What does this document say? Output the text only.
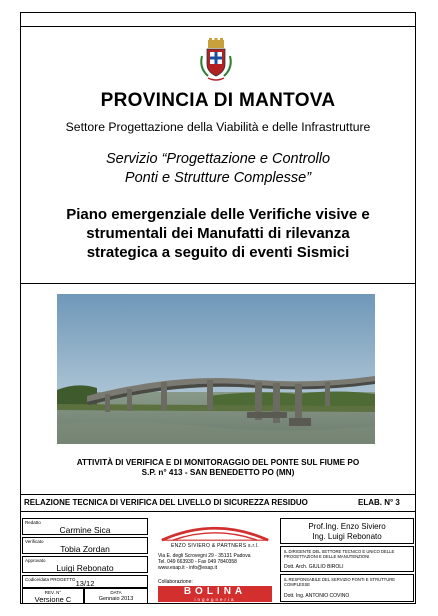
PROVINCIA DI MANTOVA
Settore Progettazione della Viabilità e delle Infrastrutture
Servizio “Progettazione e Controllo
Ponti e Strutture Complesse”
Piano emergenziale delle Verifiche visive e
strumentali dei Manufatti di rilevanza
strategica a seguito di eventi Sismici
ATTIVITÀ DI VERIFICA E DI MONITORAGGIO DEL PONTE SUL FIUME PO
S.P. n° 413 - SAN BENEDETTO PO (MN)
RELAZIONE TECNICA DI VERIFICA DEL LIVELLO DI SICUREZZA RESIDUO	ELAB. N° 3
Redatto
Carmine Sica
Verificato
Tobia Zordan
Approvato
Luigi Rebonato
Codice/data PROGETTO 13/12
REV. N°
Versione C
DATA
Gennaio 2013
ENZO SIVIERO & PARTNERS s.r.l.
Via E. degli Scrovegni 29 - 35131 Padova
Tel. 049 663930 - Fax 049 7840358
www.esap.it - info@esap.it
Collaborazione:
BOLINA
ingegneria
Prof.Ing. Enzo Siviero
Ing. Luigi Rebonato
IL DIRIGENTE DEL SETTORE TECNICO E UNICO DELLE PROGETTAZIONI E DELLE MANUTENZIONI
Dott. Arch. GIULIO BIROLI
IL RESPONSABILE DEL SERVIZIO PONTI E STRUTTURE COMPLESSE
Dott. Ing. ANTONIO COVINO
